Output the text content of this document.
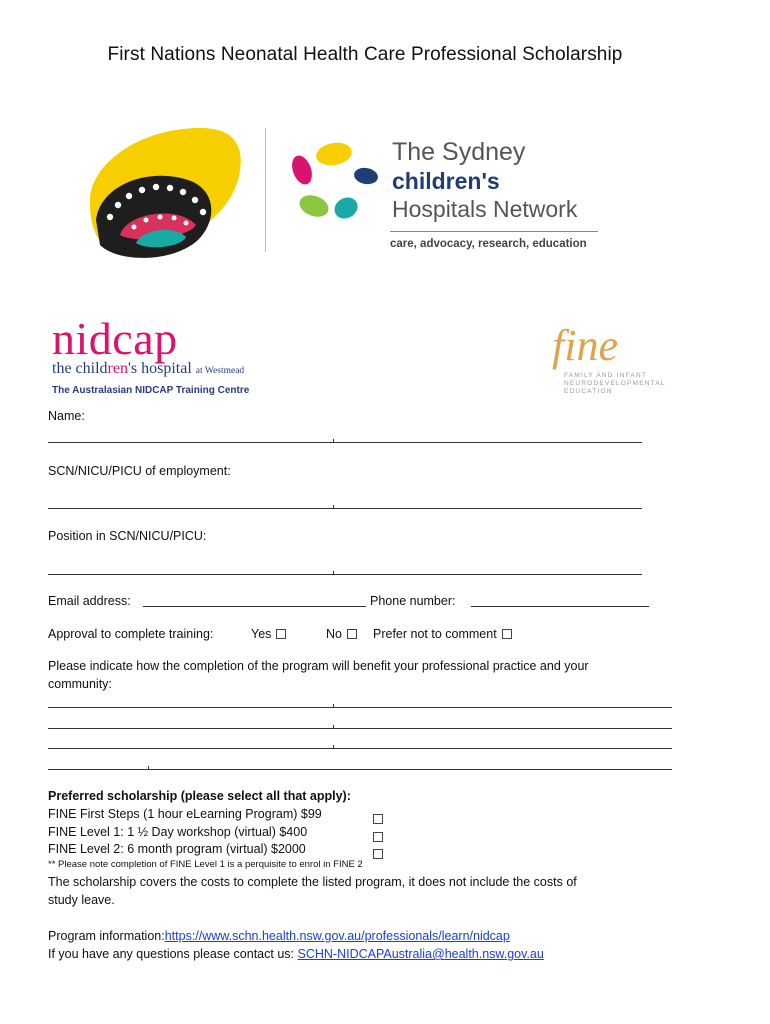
First Nations Neonatal Health Care Professional Scholarship
The Sydney
children's
Hospitals Network
care, advocacy, research, education
nidcap
the children's hospital at Westmead
The Australasian NIDCAP Training Centre
fine
FAMILY AND INFANT
NEURODEVELOPMENTAL
EDUCATION
Name:
SCN/NICU/PICU of employment:
Position in SCN/NICU/PICU:
Email address:	Phone number:
Approval to complete training:	Yes	No	Prefer not to comment
Please indicate how the completion of the program will benefit your professional practice and your
community:
Preferred scholarship (please select all that apply):
FINE First Steps (1 hour eLearning Program) $99
FINE Level 1: 1 ½ Day workshop (virtual) $400
FINE Level 2: 6 month program (virtual) $2000
** Please note completion of FINE Level 1 is a perquisite to enrol in FINE 2
The scholarship covers the costs to complete the listed program, it does not include the costs of
study leave.
Program information:https://www.schn.health.nsw.gov.au/professionals/learn/nidcap
If you have any questions please contact us: SCHN-NIDCAPAustralia@health.nsw.gov.au
